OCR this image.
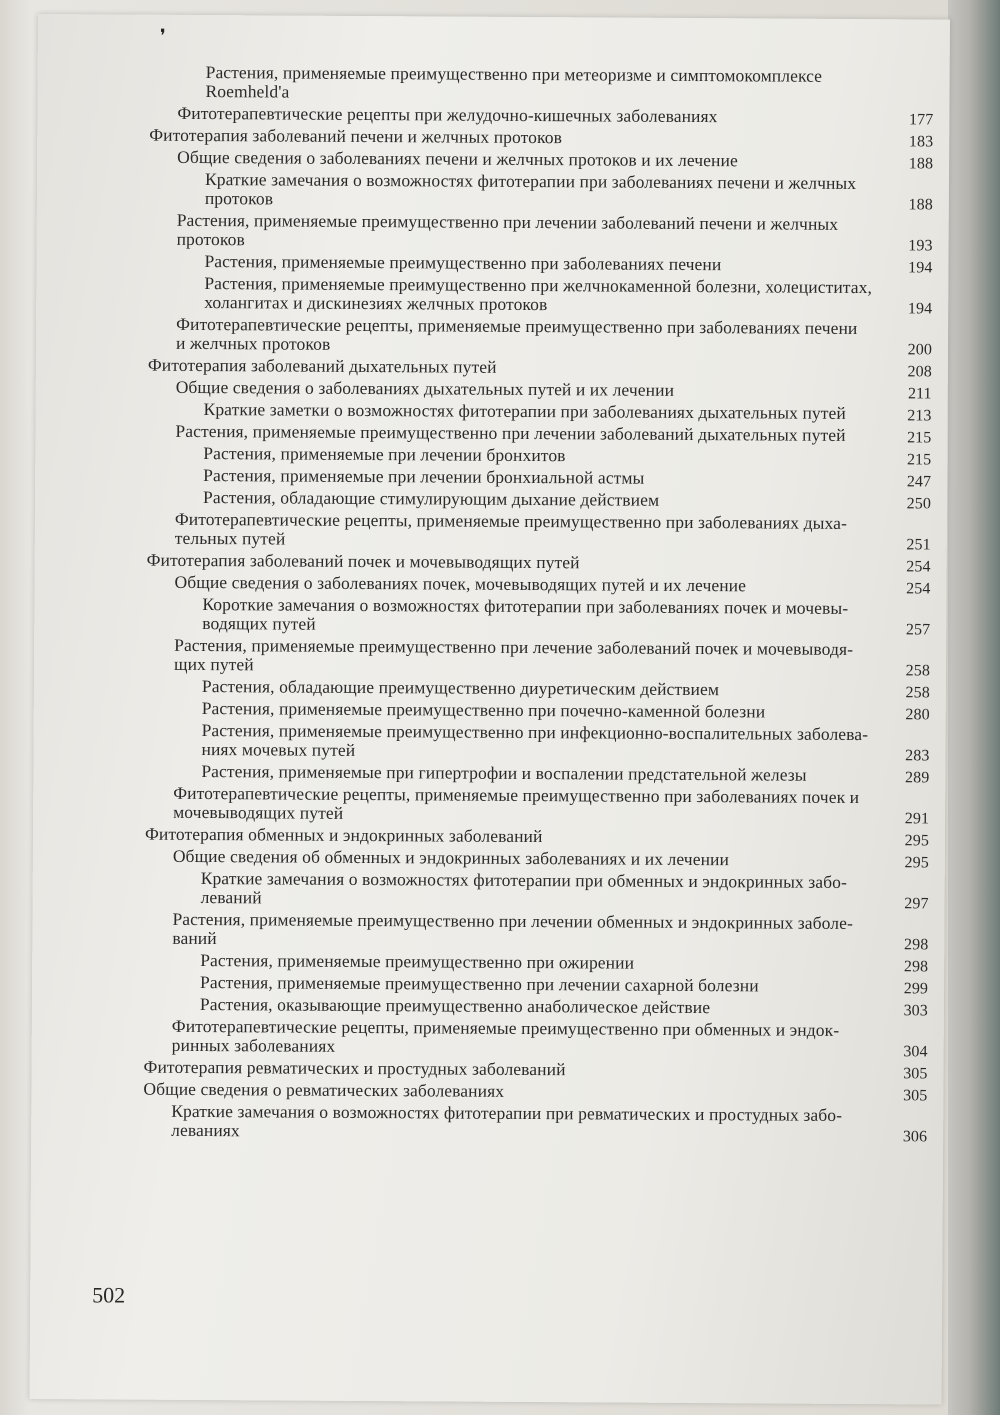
❜
Растения, применяемые преимущественно при метеоризме и симптомокомплексе
Roemheld'a
Фитотерапевтические рецепты при желудочно-кишечных заболеваниях	177
Фитотерапия заболеваний печени и желчных протоков	183
Общие сведения о заболеваниях печени и желчных протоков и их лечение	188
Краткие замечания о возможностях фитотерапии при заболеваниях печени и желчных
протоков	188
Растения, применяемые преимущественно при лечении заболеваний печени и желчных
протоков	193
Растения, применяемые преимущественно при заболеваниях печени	194
Растения, применяемые преимущественно при желчнокаменной болезни, холециститах,
холангитах и дискинезиях желчных протоков	194
Фитотерапевтические рецепты, применяемые преимущественно при заболеваниях печени
и желчных протоков	200
Фитотерапия заболеваний дыхательных путей	208
Общие сведения о заболеваниях дыхательных путей и их лечении	211
Краткие заметки о возможностях фитотерапии при заболеваниях дыхательных путей	213
Растения, применяемые преимущественно при лечении заболеваний дыхательных путей	215
Растения, применяемые при лечении бронхитов	215
Растения, применяемые при лечении бронхиальной астмы	247
Растения, обладающие стимулирующим дыхание действием	250
Фитотерапевтические рецепты, применяемые преимущественно при заболеваниях дыха-
тельных путей	251
Фитотерапия заболеваний почек и мочевыводящих путей	254
Общие сведения о заболеваниях почек, мочевыводящих путей и их лечение	254
Короткие замечания о возможностях фитотерапии при заболеваниях почек и мочевы-
водящих путей	257
Растения, применяемые преимущественно при лечение заболеваний почек и мочевыводя-
щих путей	258
Растения, обладающие преимущественно диуретическим действием	258
Растения, применяемые преимущественно при почечно-каменной болезни	280
Растения, применяемые преимущественно при инфекционно-воспалительных заболева-
ниях мочевых путей	283
Растения, применяемые при гипертрофии и воспалении предстательной железы	289
Фитотерапевтические рецепты, применяемые преимущественно при заболеваниях почек и
мочевыводящих путей	291
Фитотерапия обменных и эндокринных заболеваний	295
Общие сведения об обменных и эндокринных заболеваниях и их лечении	295
Краткие замечания о возможностях фитотерапии при обменных и эндокринных забо-
леваний	297
Растения, применяемые преимущественно при лечении обменных и эндокринных заболе-
ваний	298
Растения, применяемые преимущественно при ожирении	298
Растения, применяемые преимущественно при лечении сахарной болезни	299
Растения, оказывающие преимущественно анаболическое действие	303
Фитотерапевтические рецепты, применяемые преимущественно при обменных и эндок-
ринных заболеваниях	304
Фитотерапия ревматических и простудных заболеваний	305
Общие сведения о ревматических заболеваниях	305
Краткие замечания о возможностях фитотерапии при ревматических и простудных забо-
леваниях	306
502
